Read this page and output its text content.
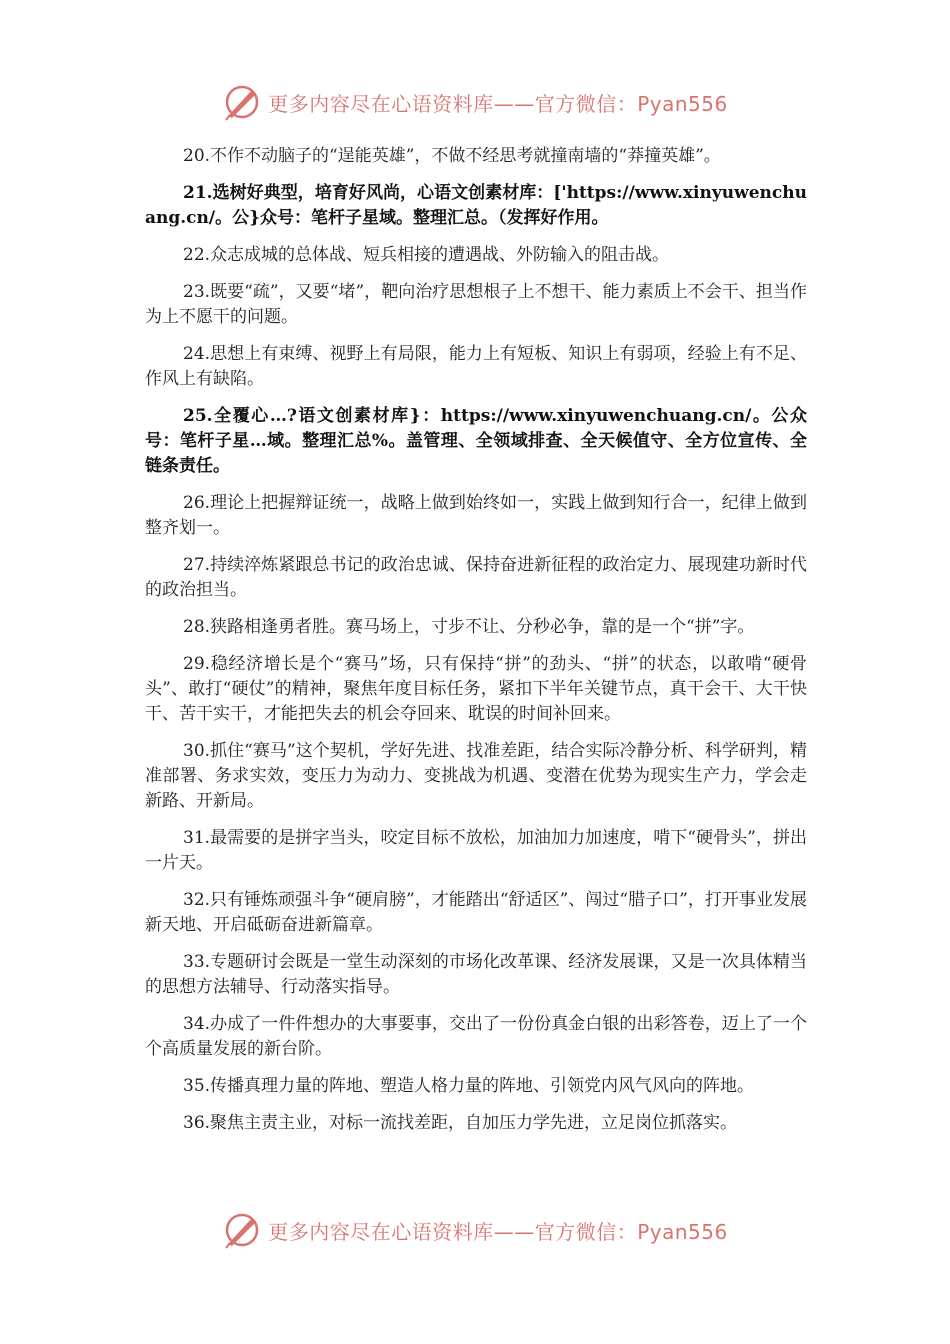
更多内容尽在心语资料库——官方微信：Pyan556

20.不作不动脑子的“逞能英雄”，不做不经思考就撞南墙的“莽撞英雄”。

21.选树好典型，培育好风尚，心语文创素材库：['https://www.xinyuwenchuang.cn/。公}众号：笔杆子星域。整理汇总。（发挥好作用。

22.众志成城的总体战、短兵相接的遭遇战、外防输入的阻击战。

23.既要“疏”，又要“堵”，靶向治疗思想根子上不想干、能力素质上不会干、担当作为上不愿干的问题。

24.思想上有束缚、视野上有局限，能力上有短板、知识上有弱项，经验上有不足、作风上有缺陷。

25.全覆心…?语文创素材库}：https://www.xinyuwenchuang.cn/。公众号：笔杆子星…域。整理汇总%。盖管理、全领域排查、全天候值守、全方位宣传、全链条责任。

26.理论上把握辩证统一，战略上做到始终如一，实践上做到知行合一，纪律上做到整齐划一。

27.持续淬炼紧跟总书记的政治忠诚、保持奋进新征程的政治定力、展现建功新时代的政治担当。

28.狭路相逢勇者胜。赛马场上，寸步不让、分秒必争，靠的是一个“拼”字。

29.稳经济增长是个“赛马”场，只有保持“拼”的劲头、“拼”的状态，以敢啃“硬骨头”、敢打“硬仗”的精神，聚焦年度目标任务，紧扣下半年关键节点，真干会干、大干快干、苦干实干，才能把失去的机会夺回来、耽误的时间补回来。

30.抓住“赛马”这个契机，学好先进、找准差距，结合实际冷静分析、科学研判，精准部署、务求实效，变压力为动力、变挑战为机遇、变潜在优势为现实生产力，学会走新路、开新局。

31.最需要的是拼字当头，咬定目标不放松，加油加力加速度，啃下“硬骨头”，拼出一片天。

32.只有锤炼顽强斗争“硬肩膀”，才能踏出“舒适区”、闯过“腊子口”，打开事业发展新天地、开启砥砺奋进新篇章。

33.专题研讨会既是一堂生动深刻的市场化改革课、经济发展课，又是一次具体精当的思想方法辅导、行动落实指导。

34.办成了一件件想办的大事要事，交出了一份份真金白银的出彩答卷，迈上了一个个高质量发展的新台阶。

35.传播真理力量的阵地、塑造人格力量的阵地、引领党内风气风向的阵地。

36.聚焦主责主业，对标一流找差距，自加压力学先进，立足岗位抓落实。

更多内容尽在心语资料库——官方微信：Pyan556
